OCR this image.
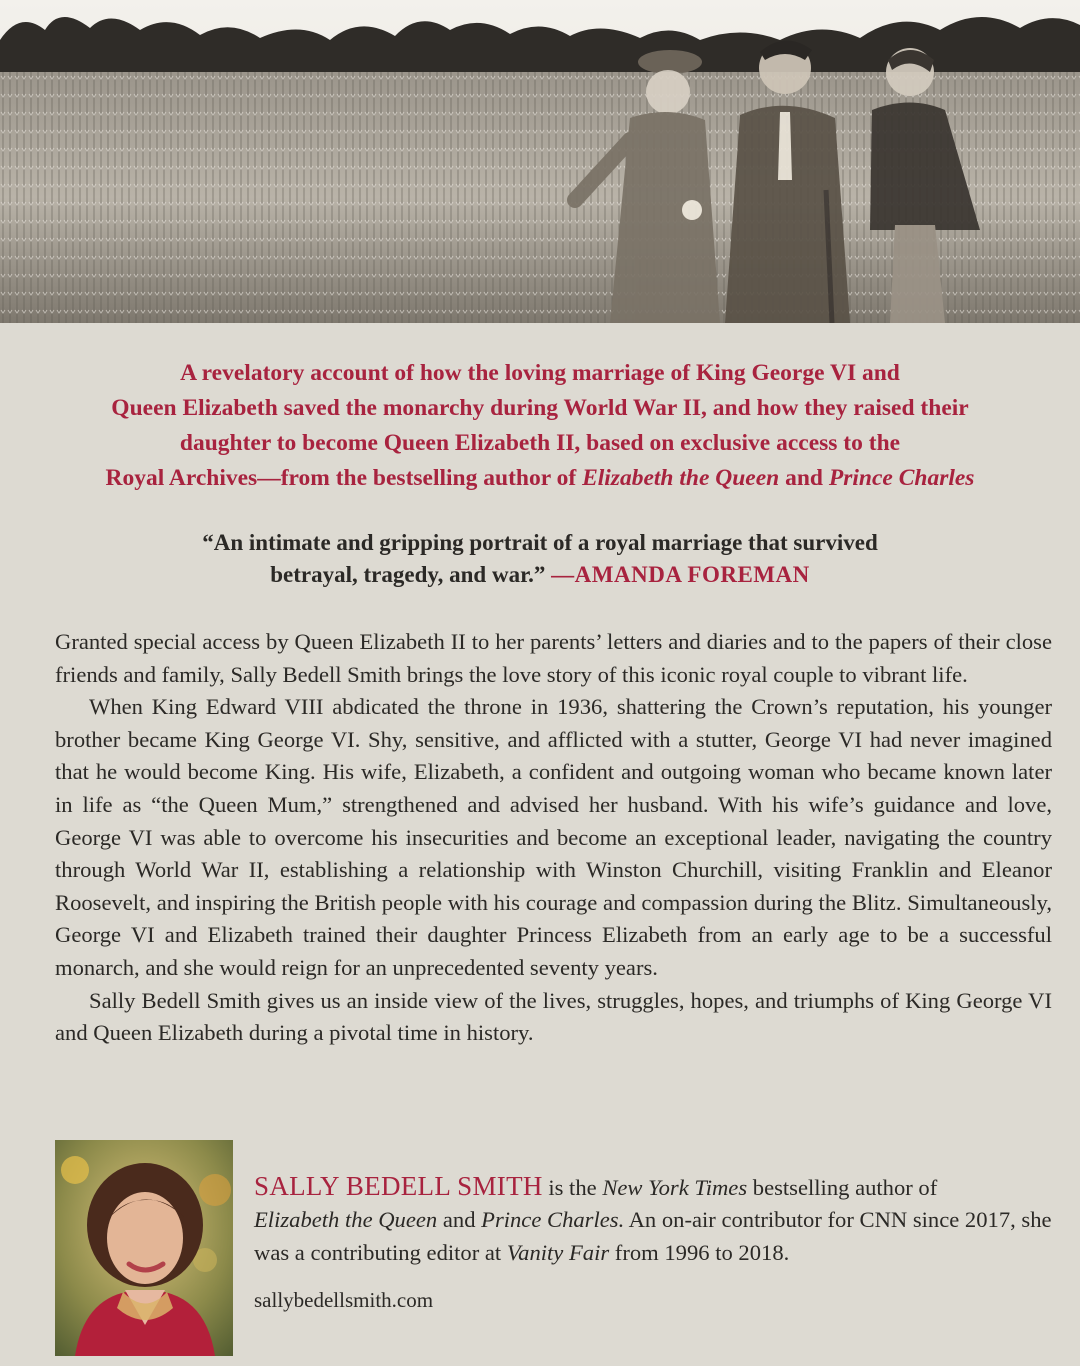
A revelatory account of how the loving marriage of King George VI and
Queen Elizabeth saved the monarchy during World War II, and how they raised their
daughter to become Queen Elizabeth II, based on exclusive access to the
Royal Archives—from the bestselling author of Elizabeth the Queen and Prince Charles
“An intimate and gripping portrait of a royal marriage that survived
betrayal, tragedy, and war.” —AMANDA FOREMAN

Granted special access by Queen Elizabeth II to her parents’ letters and diaries and to the papers of their close friends and family, Sally Bedell Smith brings the love story of this iconic royal couple to vibrant life.

When King Edward VIII abdicated the throne in 1936, shattering the Crown’s reputation, his younger brother became King George VI. Shy, sensitive, and afflicted with a stutter, George VI had never imagined that he would become King. His wife, Elizabeth, a confident and outgoing woman who became known later in life as “the Queen Mum,” strengthened and advised her husband. With his wife’s guidance and love, George VI was able to overcome his insecurities and become an exceptional leader, navigating the country through World War II, establishing a relationship with Winston Churchill, visiting Franklin and Eleanor Roosevelt, and inspiring the British people with his courage and compassion during the Blitz. Simultaneously, George VI and Elizabeth trained their daughter Princess Elizabeth from an early age to be a successful monarch, and she would reign for an unprecedented seventy years.

Sally Bedell Smith gives us an inside view of the lives, struggles, hopes, and triumphs of King George VI and Queen Elizabeth during a pivotal time in history.

SALLY BEDELL SMITH is the New York Times bestselling author of
Elizabeth the Queen and Prince Charles. An on-air contributor for CNN since 2017, she was a contributing editor at Vanity Fair from 1996 to 2018.
sallybedellsmith.com
